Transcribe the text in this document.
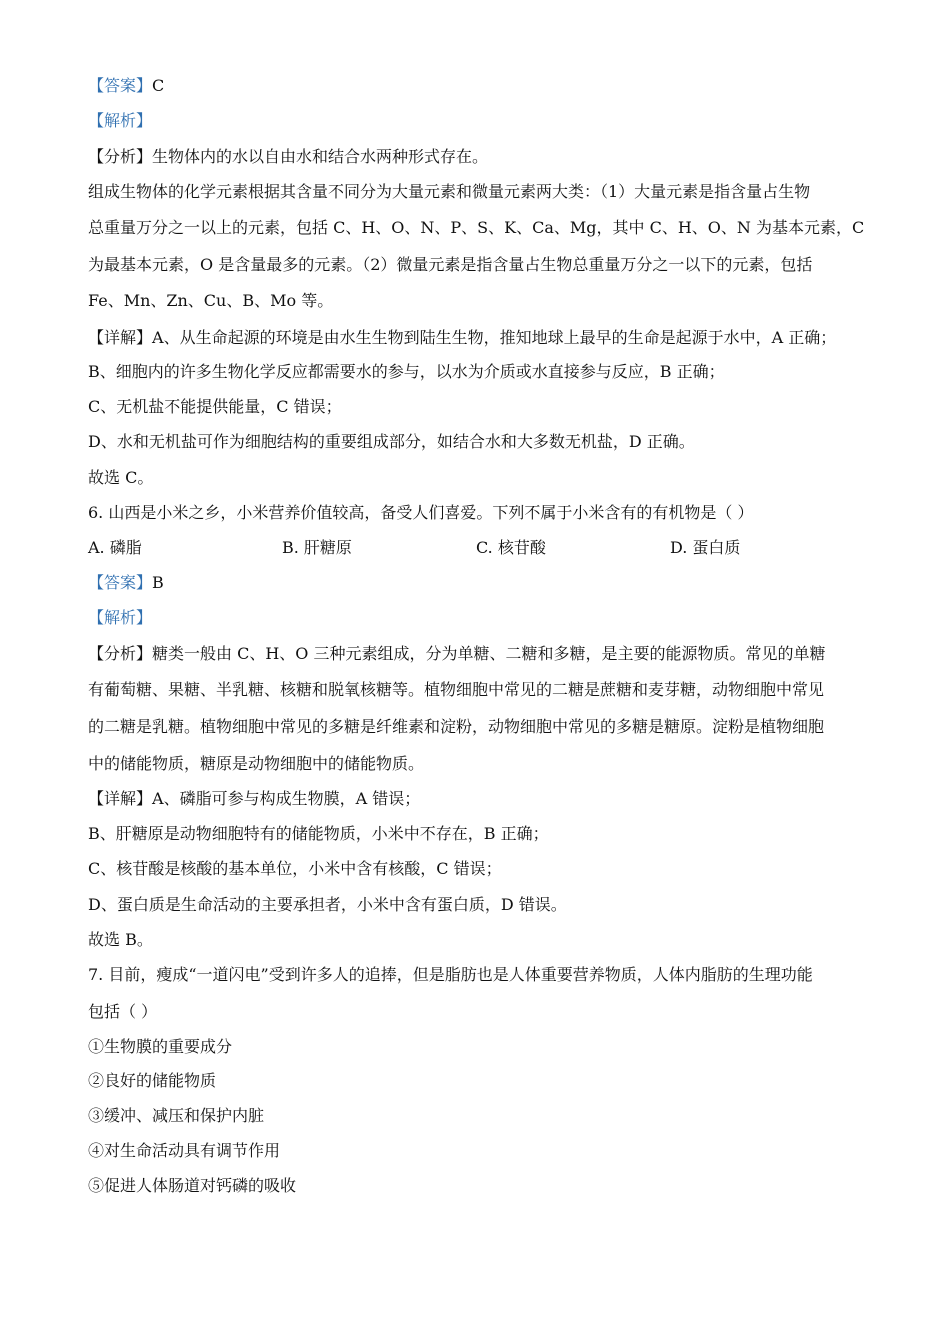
【答案】C
【解析】
【分析】生物体内的水以自由水和结合水两种形式存在。
组成生物体的化学元素根据其含量不同分为大量元素和微量元素两大类：（1）大量元素是指含量占生物
总重量万分之一以上的元素，包括 C、H、O、N、P、S、K、Ca、Mg，其中 C、H、O、N 为基本元素，C
为最基本元素，O 是含量最多的元素。（2）微量元素是指含量占生物总重量万分之一以下的元素，包括
Fe、Mn、Zn、Cu、B、Mo 等。
【详解】A、从生命起源的环境是由水生生物到陆生生物，推知地球上最早的生命是起源于水中，A 正确；
B、细胞内的许多生物化学反应都需要水的参与，以水为介质或水直接参与反应，B 正确；
C、无机盐不能提供能量，C 错误；
D、水和无机盐可作为细胞结构的重要组成部分，如结合水和大多数无机盐，D 正确。
故选 C。
6. 山西是小米之乡，小米营养价值较高，备受人们喜爱。下列不属于小米含有的有机物是（ ）
A. 磷脂	B. 肝糖原	C. 核苷酸	D. 蛋白质
【答案】B
【解析】
【分析】糖类一般由 C、H、O 三种元素组成，分为单糖、二糖和多糖，是主要的能源物质。常见的单糖
有葡萄糖、果糖、半乳糖、核糖和脱氧核糖等。植物细胞中常见的二糖是蔗糖和麦芽糖，动物细胞中常见
的二糖是乳糖。植物细胞中常见的多糖是纤维素和淀粉，动物细胞中常见的多糖是糖原。淀粉是植物细胞
中的储能物质，糖原是动物细胞中的储能物质。
【详解】A、磷脂可参与构成生物膜，A 错误；
B、肝糖原是动物细胞特有的储能物质，小米中不存在，B 正确；
C、核苷酸是核酸的基本单位，小米中含有核酸，C 错误；
D、蛋白质是生命活动的主要承担者，小米中含有蛋白质，D 错误。
故选 B。
7. 目前，瘦成“一道闪电”受到许多人的追捧，但是脂肪也是人体重要营养物质，人体内脂肪的生理功能
包括（ ）
①生物膜的重要成分
②良好的储能物质
③缓冲、减压和保护内脏
④对生命活动具有调节作用
⑤促进人体肠道对钙磷的吸收
